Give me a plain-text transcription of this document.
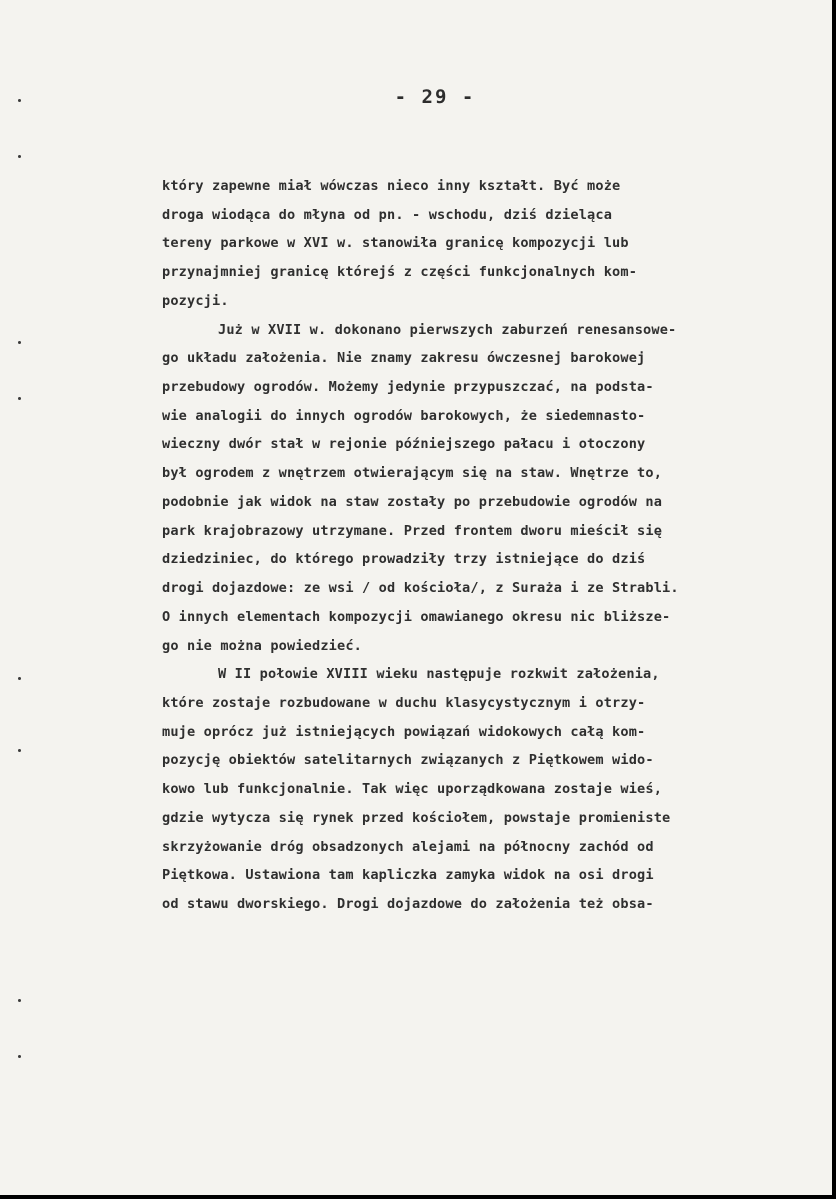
- 29 -
który zapewne miał wówczas nieco inny kształt. Być może
droga wiodąca do młyna od pn. - wschodu, dziś dzieląca
tereny parkowe w XVI w. stanowiła granicę kompozycji lub
przynajmniej granicę którejś z części funkcjonalnych kom-
pozycji.
Już w XVII w. dokonano pierwszych zaburzeń renesansowe-
go układu założenia. Nie znamy zakresu ówczesnej barokowej
przebudowy ogrodów. Możemy jedynie przypuszczać, na podsta-
wie analogii do innych ogrodów barokowych, że siedemnasto-
wieczny dwór stał w rejonie późniejszego pałacu i otoczony
był ogrodem z wnętrzem otwierającym się na staw. Wnętrze to,
podobnie jak widok na staw zostały po przebudowie ogrodów na
park krajobrazowy utrzymane. Przed frontem dworu mieścił się
dziedziniec, do którego prowadziły trzy istniejące do dziś
drogi dojazdowe: ze wsi / od kościoła/, z Suraża i ze Strabli.
O innych elementach kompozycji omawianego okresu nic bliższe-
go nie można powiedzieć.
W II połowie XVIII wieku następuje rozkwit założenia,
które zostaje rozbudowane w duchu klasycystycznym i otrzy-
muje oprócz już istniejących powiązań widokowych całą kom-
pozycję obiektów satelitarnych związanych z Piętkowem wido-
kowo lub funkcjonalnie. Tak więc uporządkowana zostaje wieś,
gdzie wytycza się rynek przed kościołem, powstaje promieniste
skrzyżowanie dróg obsadzonych alejami na północny zachód od
Piętkowa. Ustawiona tam kapliczka zamyka widok na osi drogi
od stawu dworskiego. Drogi dojazdowe do założenia też obsa-
